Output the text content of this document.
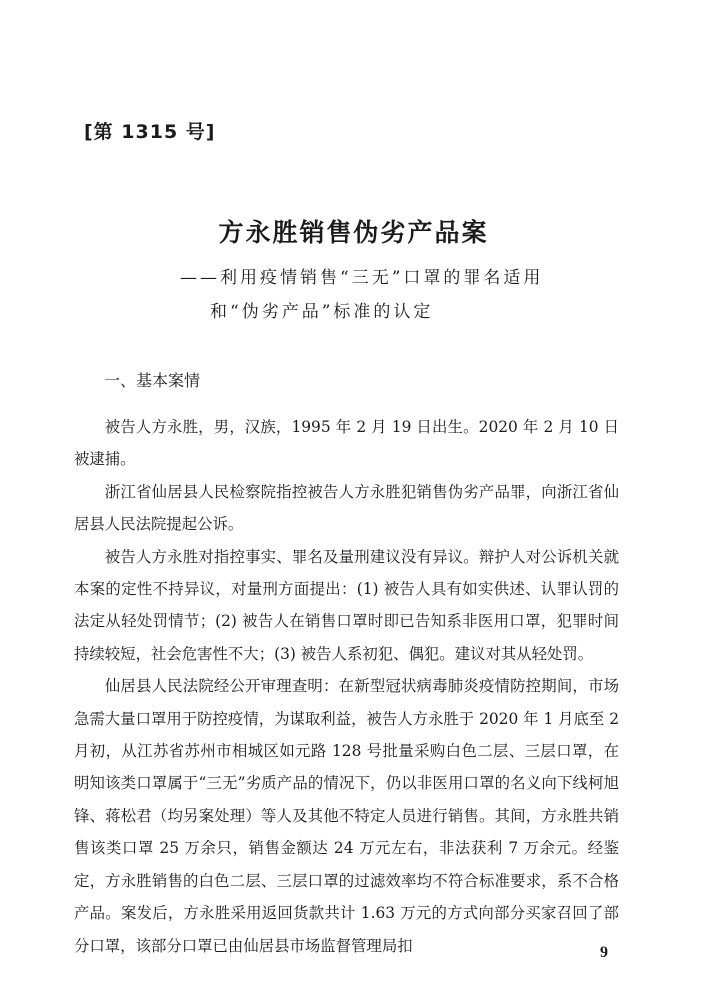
[第 1315 号]
方永胜销售伪劣产品案
——利用疫情销售“三无”口罩的罪名适用
和“伪劣产品”标准的认定
一、基本案情

被告人方永胜，男，汉族，1995 年 2 月 19 日出生。2020 年 2 月 10 日被逮捕。

浙江省仙居县人民检察院指控被告人方永胜犯销售伪劣产品罪，向浙江省仙居县人民法院提起公诉。

被告人方永胜对指控事实、罪名及量刑建议没有异议。辩护人对公诉机关就本案的定性不持异议，对量刑方面提出：(1) 被告人具有如实供述、认罪认罚的法定从轻处罚情节；(2) 被告人在销售口罩时即已告知系非医用口罩，犯罪时间持续较短，社会危害性不大；(3) 被告人系初犯、偶犯。建议对其从轻处罚。

仙居县人民法院经公开审理查明：在新型冠状病毒肺炎疫情防控期间，市场急需大量口罩用于防控疫情，为谋取利益，被告人方永胜于 2020 年 1 月底至 2 月初，从江苏省苏州市相城区如元路 128 号批量采购白色二层、三层口罩，在明知该类口罩属于“三无”劣质产品的情况下，仍以非医用口罩的名义向下线柯旭锋、蒋松君（均另案处理）等人及其他不特定人员进行销售。其间，方永胜共销售该类口罩 25 万余只，销售金额达 24 万元左右，非法获利 7 万余元。经鉴定，方永胜销售的白色二层、三层口罩的过滤效率均不符合标准要求，系不合格产品。案发后，方永胜采用返回货款共计 1.63 万元的方式向部分买家召回了部分口罩，该部分口罩已由仙居县市场监督管理局扣	9
